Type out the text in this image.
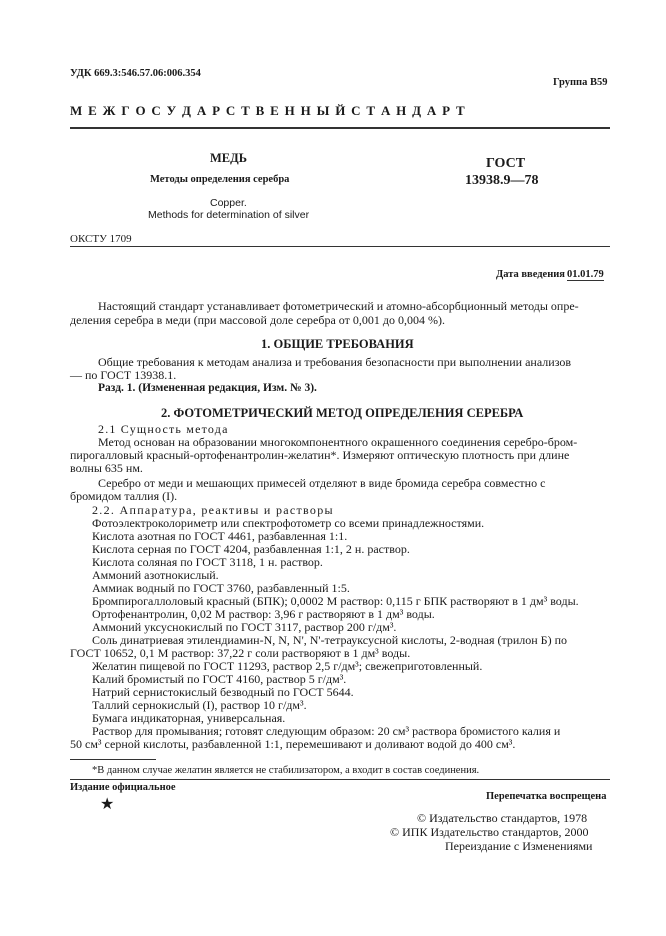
УДК 669.3:546.57.06:006.354
Группа В59
М Е Ж Г О С У Д А Р С Т В Е Н Н Ы Й С Т А Н Д А Р Т
МЕДЬ
Методы определения серебра
Copper.
Methods for determination of silver
ГОСТ
13938.9—78
ОКСТУ 1709
Дата введения 01.01.79
Настоящий стандарт устанавливает фотометрический и атомно-абсорбционный методы опре-
деления серебра в меди (при массовой доле серебра от 0,001 до 0,004 %).
1. ОБЩИЕ ТРЕБОВАНИЯ
Общие требования к методам анализа и требования безопасности при выполнении анализов
— по ГОСТ 13938.1.
Разд. 1. (Измененная редакция, Изм. № 3).
2. ФОТОМЕТРИЧЕСКИЙ МЕТОД ОПРЕДЕЛЕНИЯ СЕРЕБРА
2.1 Сущность метода
Метод основан на образовании многокомпонентного окрашенного соединения серебро-бром-
пирогалловый красный-ортофенантролин-желатин*. Измеряют оптическую плотность при длине
волны 635 нм.
Серебро от меди и мешающих примесей отделяют в виде бромида серебра совместно с
бромидом таллия (I).
2.2. Аппаратура, реактивы и растворы
Фотоэлектроколориметр или спектрофотометр со всеми принадлежностями.
Кислота азотная по ГОСТ 4461, разбавленная 1:1.
Кислота серная по ГОСТ 4204, разбавленная 1:1, 2 н. раствор.
Кислота соляная по ГОСТ 3118, 1 н. раствор.
Аммоний азотнокислый.
Аммиак водный по ГОСТ 3760, разбавленный 1:5.
Бромпирогаллоловый красный (БПК); 0,0002 М раствор: 0,115 г БПК растворяют в 1 дм³ воды.
Ортофенантролин, 0,02 М раствор: 3,96 г растворяют в 1 дм³ воды.
Аммоний уксуснокислый по ГОСТ 3117, раствор 200 г/дм³.
Соль динатриевая этилендиамин-N, N, N', N'-тетрауксусной кислоты, 2-водная (трилон Б) по
ГОСТ 10652, 0,1 М раствор: 37,22 г соли растворяют в 1 дм³ воды.
Желатин пищевой по ГОСТ 11293, раствор 2,5 г/дм³; свежеприготовленный.
Калий бромистый по ГОСТ 4160, раствор 5 г/дм³.
Натрий сернистокислый безводный по ГОСТ 5644.
Таллий сернокислый (I), раствор 10 г/дм³.
Бумага индикаторная, универсальная.
Раствор для промывания; готовят следующим образом: 20 см³ раствора бромистого калия и
50 см³ серной кислоты, разбавленной 1:1, перемешивают и доливают водой до 400 см³.
*В данном случае желатин является не стабилизатором, а входит в состав соединения.
Издание официальное
Перепечатка воспрещена
★
© Издательство стандартов, 1978
© ИПК Издательство стандартов, 2000
Переиздание с Изменениями
